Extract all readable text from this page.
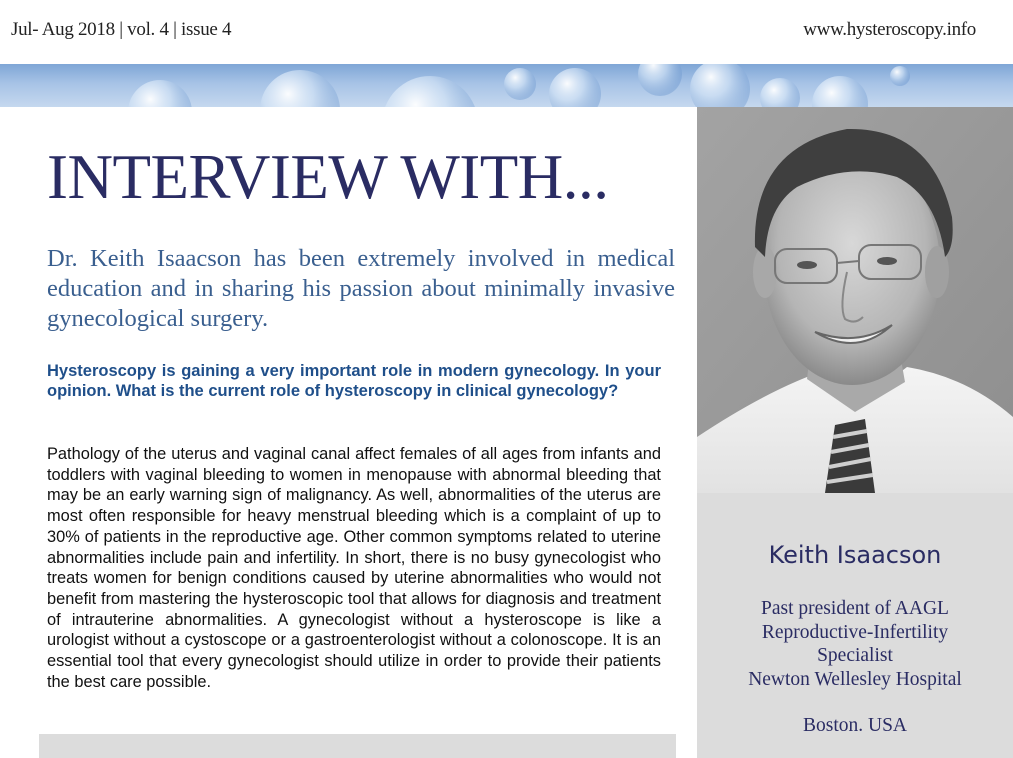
Jul- Aug 2018 | vol. 4 | issue 4	www.hysteroscopy.info
INTERVIEW WITH...
Dr. Keith Isaacson has been extremely involved in medical education and in sharing his passion about minimally invasive gynecological surgery.
Hysteroscopy is gaining a very important role in modern gynecology. In your opinion. What is the current role of hysteroscopy in clinical gynecology?
Pathology of the uterus and vaginal canal affect females of all ages from infants and toddlers with vaginal bleeding to women in menopause with abnormal bleeding that may be an early warning sign of malignancy. As well, abnormalities of the uterus are most often responsible for heavy menstrual bleeding which is a complaint of up to 30% of patients in the reproductive age. Other common symptoms related to uterine abnormalities include pain and infertility. In short, there is no busy gynecologist who treats women for benign conditions caused by uterine abnormalities who would not benefit from mastering the hysteroscopic tool that allows for diagnosis and treatment of intrauterine abnormalities. A gynecologist without a hysteroscope is like a urologist without a cystoscope or a gastroenterologist without a colonoscope. It is an essential tool that every gynecologist should utilize in order to provide their patients the best care possible.
Keith Isaacson
Past president of AAGL
Reproductive-Infertility
Specialist
Newton Wellesley Hospital
Boston. USA
